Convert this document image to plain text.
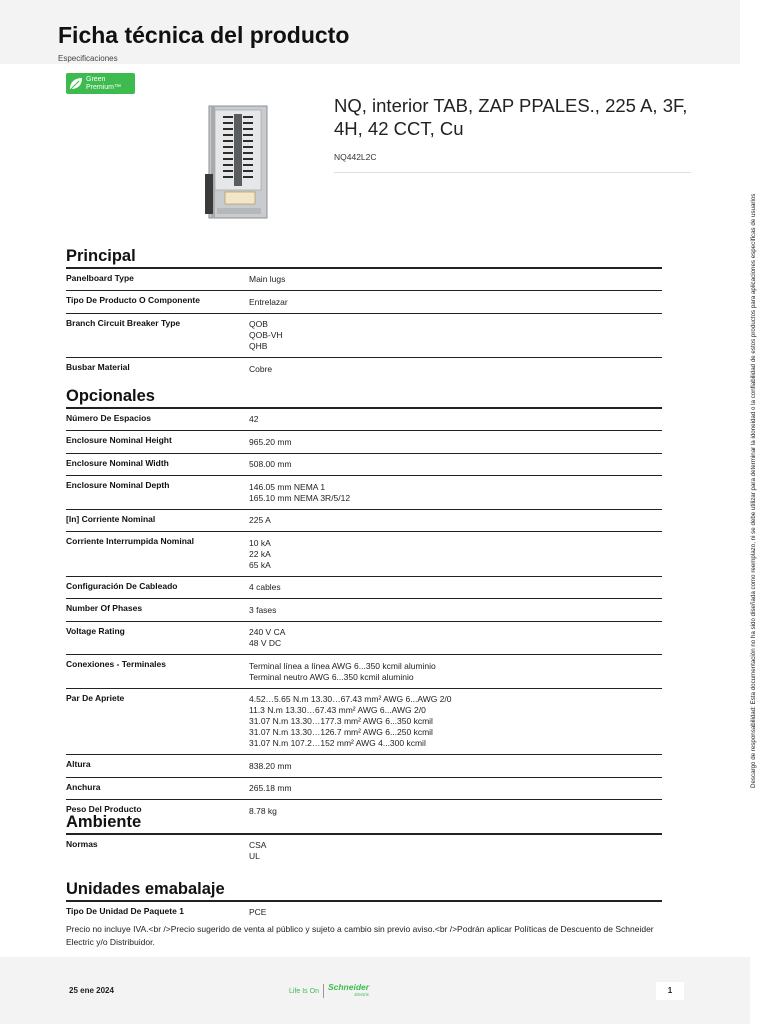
Ficha técnica del producto
Especificaciones
Green
Premium™
NQ, interior TAB, ZAP PPALES., 225 A, 3F, 4H, 42 CCT, Cu
NQ442L2C
Descargo de responsabilidad: Esta documentación no ha sido diseñada como reemplazo, ni se debe utilizar para determinar la idoneidad o la confiabilidad de estos productos para aplicaciones específicas de usuarios
Principal
Panelboard Type	Main lugs
Tipo De Producto O Componente	Entrelazar
Branch Circuit Breaker Type	QOB
QOB-VH
QHB
Busbar Material	Cobre
Opcionales
Número De Espacios	42
Enclosure Nominal Height	965.20 mm
Enclosure Nominal Width	508.00 mm
Enclosure Nominal Depth	146.05 mm NEMA 1
165.10 mm NEMA 3R/5/12
[In] Corriente Nominal	225 A
Corriente Interrumpida Nominal	10 kA
22 kA
65 kA
Configuración De Cableado	4 cables
Number Of Phases	3 fases
Voltage Rating	240 V CA
48 V DC
Conexiones - Terminales	Terminal línea a línea AWG 6...350 kcmil aluminio
Terminal neutro AWG 6...350 kcmil aluminio
Par De Apriete	4.52…5.65 N.m 13.30…67.43 mm² AWG 6...AWG 2/0
11.3 N.m 13.30…67.43 mm² AWG 6...AWG 2/0
31.07 N.m 13.30…177.3 mm² AWG 6...350 kcmil
31.07 N.m 13.30…126.7 mm² AWG 6...250 kcmil
31.07 N.m 107.2…152 mm² AWG 4...300 kcmil
Altura	838.20 mm
Anchura	265.18 mm
Peso Del Producto	8.78 kg
Ambiente
Normas	CSA
UL
Unidades emabalaje
Tipo De Unidad De Paquete 1	PCE
Precio no incluye IVA.<br />Precio sugerido de venta al público y sujeto a cambio sin previo aviso.<br />Podrán aplicar Políticas de Descuento de Schneider Electric y/o Distribuidor.
25 ene 2024	Life Is On Schneider
Electric	1
